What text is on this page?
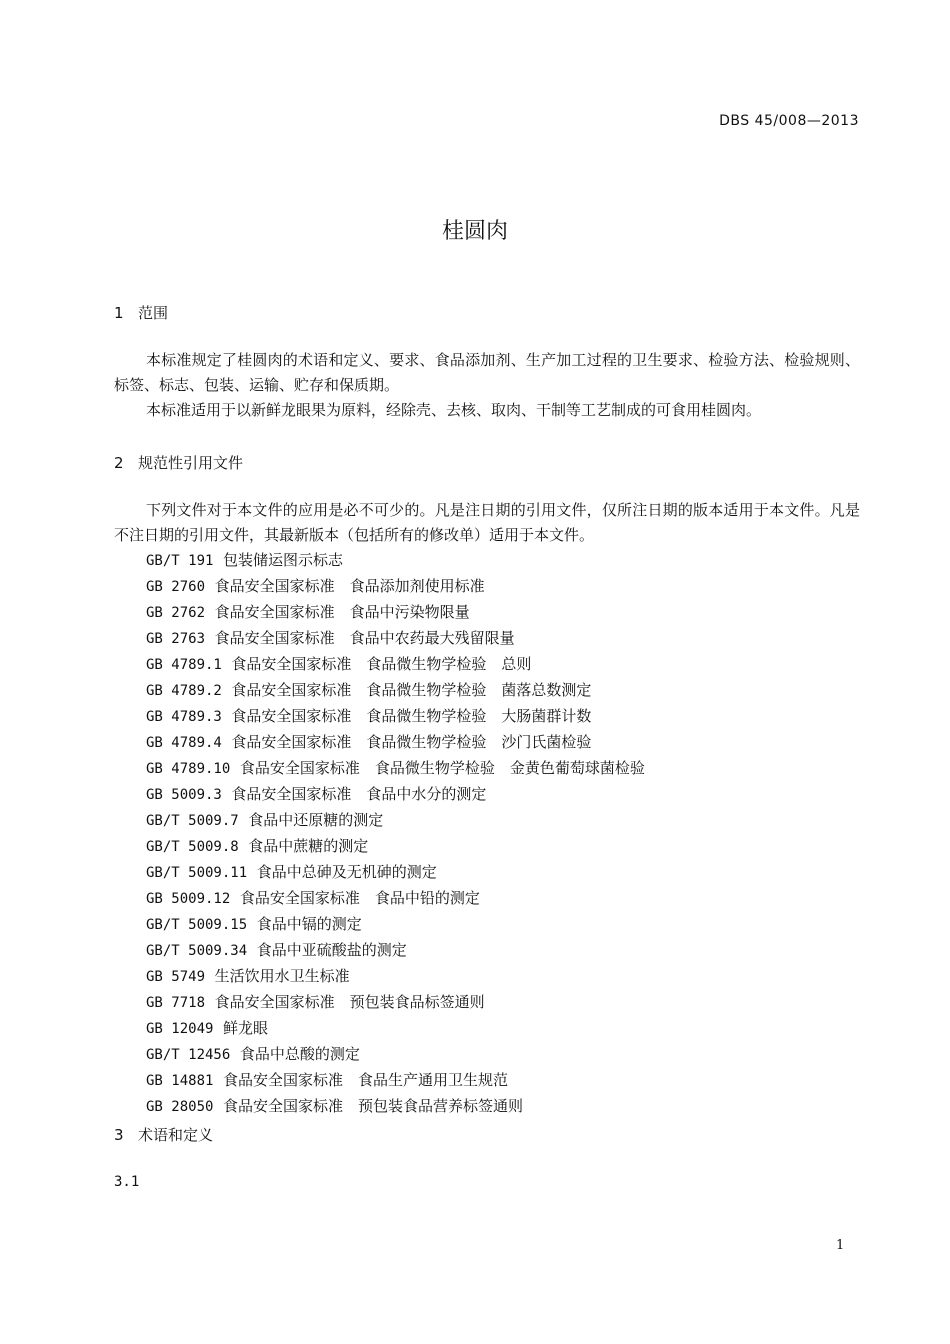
DBS 45/008—2013
桂圆肉
1 范围

本标准规定了桂圆肉的术语和定义、要求、食品添加剂、生产加工过程的卫生要求、检验方法、检验规则、标签、标志、包装、运输、贮存和保质期。

本标准适用于以新鲜龙眼果为原料，经除壳、去核、取肉、干制等工艺制成的可食用桂圆肉。

2 规范性引用文件

下列文件对于本文件的应用是必不可少的。凡是注日期的引用文件，仅所注日期的版本适用于本文件。凡是不注日期的引用文件，其最新版本（包括所有的修改单）适用于本文件。

GB/T 191 包装储运图示标志
GB 2760 食品安全国家标准　食品添加剂使用标准
GB 2762 食品安全国家标准　食品中污染物限量
GB 2763 食品安全国家标准　食品中农药最大残留限量
GB 4789.1 食品安全国家标准　食品微生物学检验　总则
GB 4789.2 食品安全国家标准　食品微生物学检验　菌落总数测定
GB 4789.3 食品安全国家标准　食品微生物学检验　大肠菌群计数
GB 4789.4 食品安全国家标准　食品微生物学检验　沙门氏菌检验
GB 4789.10 食品安全国家标准　食品微生物学检验　金黄色葡萄球菌检验
GB 5009.3 食品安全国家标准　食品中水分的测定
GB/T 5009.7 食品中还原糖的测定
GB/T 5009.8 食品中蔗糖的测定
GB/T 5009.11 食品中总砷及无机砷的测定
GB 5009.12 食品安全国家标准　食品中铅的测定
GB/T 5009.15 食品中镉的测定
GB/T 5009.34 食品中亚硫酸盐的测定
GB 5749 生活饮用水卫生标准
GB 7718 食品安全国家标准　预包装食品标签通则
GB 12049 鲜龙眼
GB/T 12456 食品中总酸的测定
GB 14881 食品安全国家标准　食品生产通用卫生规范
GB 28050 食品安全国家标准　预包装食品营养标签通则
3 术语和定义
3.1
1
